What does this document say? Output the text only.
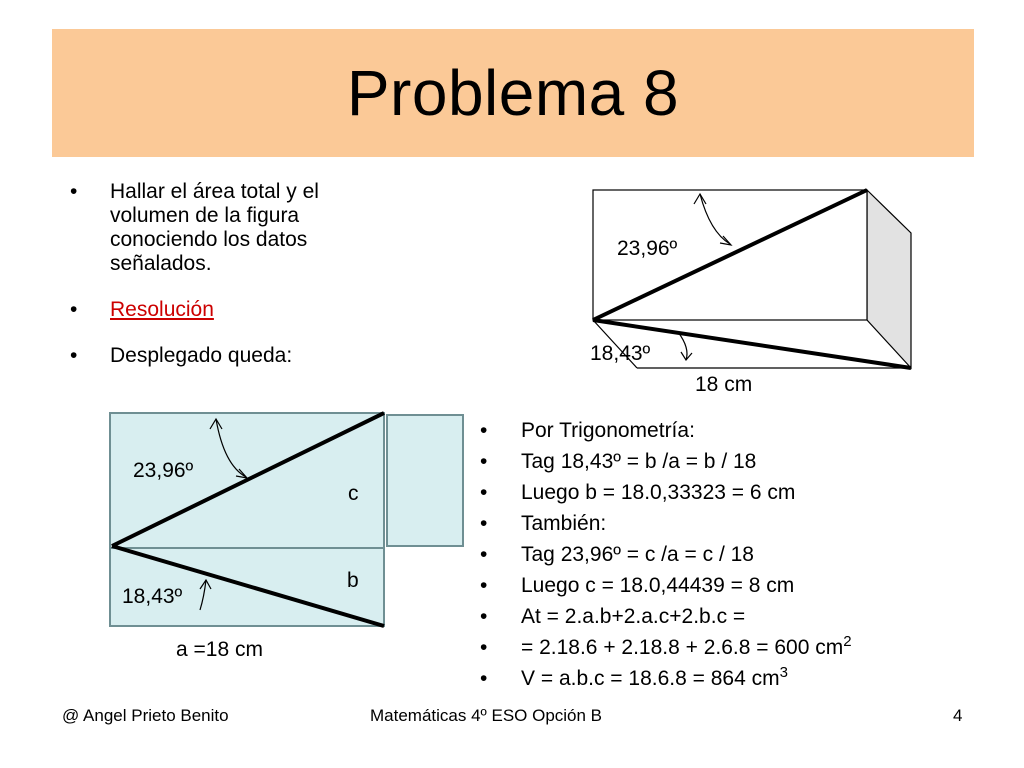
Problema 8
• Hallar el área total y el volumen de la figura conociendo los datos señalados.
• Resolución
• Desplegado queda:
23,96º
18,43º
18 cm
23,96º
c
b
18,43º
a =18 cm
• Por Trigonometría:
• Tag 18,43º = b /a = b / 18
• Luego b = 18.0,33323 = 6 cm
• También:
• Tag 23,96º = c /a = c / 18
• Luego c = 18.0,44439 = 8 cm
• At = 2.a.b+2.a.c+2.b.c =
• = 2.18.6 + 2.18.8 + 2.6.8 = 600 $cm^2$
• V = a.b.c = 18.6.8 = 864 $cm^3$
@ Angel Prieto Benito	Matemáticas 4º ESO Opción B	4
